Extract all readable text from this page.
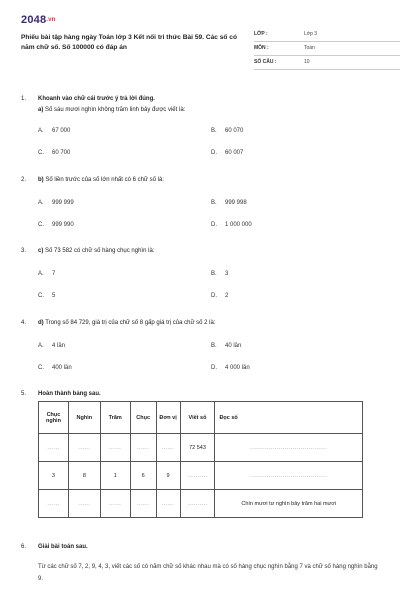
2048.vn
Phiếu bài tập hàng ngày Toán lớp 3 Kết nối tri thức Bài 59. Các số có năm chữ số. Số 100000 có đáp án
LỚP :	Lớp 3
MÔN :	Toán
SỐ CÂU :	10
1. Khoanh vào chữ cái trước ý trả lời đúng.
a) Số sáu mươi nghìn không trăm linh bảy được viết là:
A. 67 000	B. 60 070
C. 60 700	D. 60 007
2. b) Số liền trước của số lớn nhất có 6 chữ số là:
A. 999 999	B. 999 998
C. 999 990	D. 1 000 000
3. c) Số 73 582 có chữ số hàng chục nghìn là:
A. 7	B. 3
C. 5	D. 2
4. d) Trong số 84 729, giá trị của chữ số 8 gấp giá trị của chữ số 2 là:
A. 4 lần	B. 40 lần
C. 400 lần	D. 4 000 lần
5. Hoàn thành bảng sau.
Chục nghìn	Nghìn	Trăm	Chục	Đơn vị	Viết số	Đọc số
......	......	......	......	......	72 543	......................................
3	8	1	6	9	..........	......................................
......	......	......	......	......	..........	Chín mươi tư nghìn bảy trăm hai mươi
6. Giải bài toán sau.
Từ các chữ số 7, 2, 9, 4, 3, viết các số có năm chữ số khác nhau mà có số hàng chục nghìn bằng 7 và chữ số hàng nghìn bằng 9.
